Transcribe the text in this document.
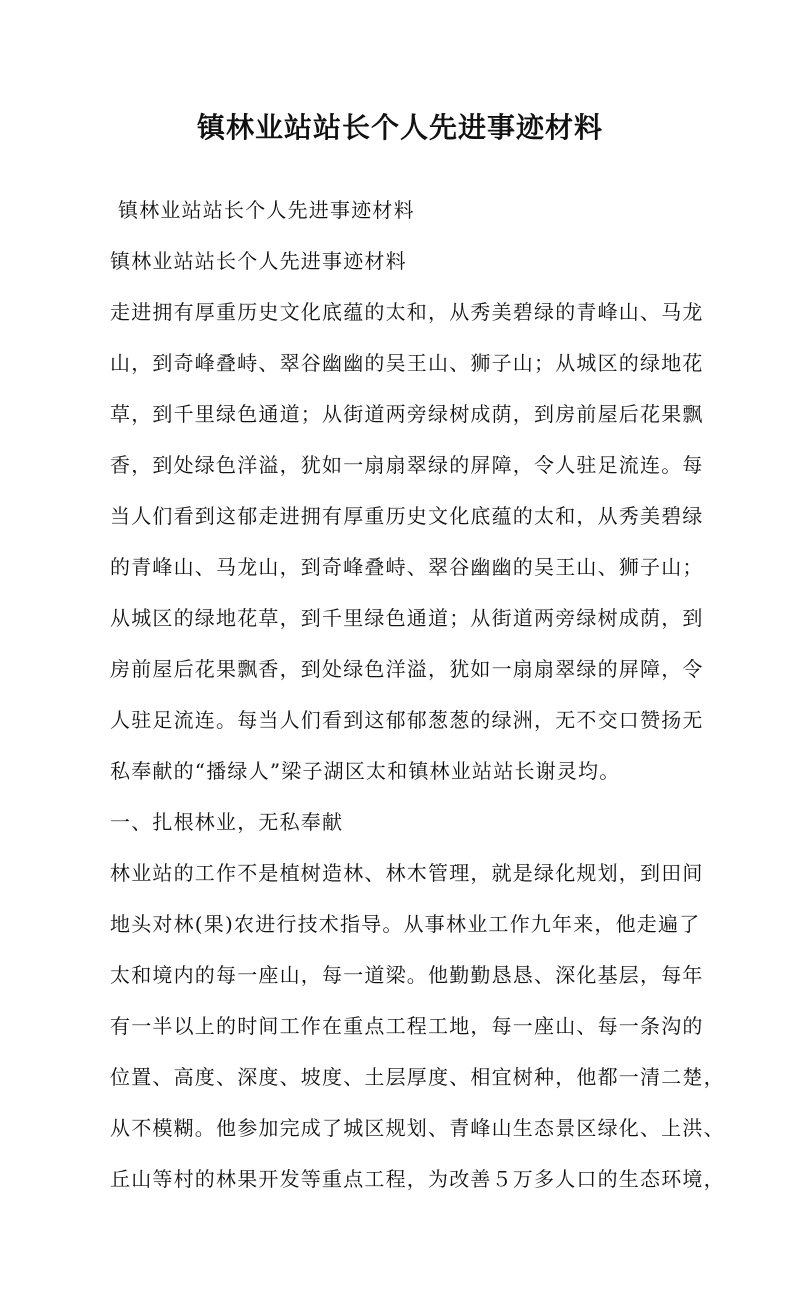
镇林业站站长个人先进事迹材料
镇林业站站长个人先进事迹材料
镇林业站站长个人先进事迹材料
走进拥有厚重历史文化底蕴的太和，从秀美碧绿的青峰山、马龙
山，到奇峰叠峙、翠谷幽幽的吴王山、狮子山；从城区的绿地花
草，到千里绿色通道；从街道两旁绿树成荫，到房前屋后花果飘
香，到处绿色洋溢，犹如一扇扇翠绿的屏障，令人驻足流连。每
当人们看到这郁走进拥有厚重历史文化底蕴的太和，从秀美碧绿
的青峰山、马龙山，到奇峰叠峙、翠谷幽幽的吴王山、狮子山；
从城区的绿地花草，到千里绿色通道；从街道两旁绿树成荫，到
房前屋后花果飘香，到处绿色洋溢，犹如一扇扇翠绿的屏障，令
人驻足流连。每当人们看到这郁郁葱葱的绿洲，无不交口赞扬无
私奉献的“播绿人”梁子湖区太和镇林业站站长谢灵均。
一、扎根林业，无私奉献
林业站的工作不是植树造林、林木管理，就是绿化规划，到田间
地头对林(果)农进行技术指导。从事林业工作九年来，他走遍了
太和境内的每一座山，每一道梁。他勤勤恳恳、深化基层，每年
有一半以上的时间工作在重点工程工地，每一座山、每一条沟的
位置、高度、深度、坡度、土层厚度、相宜树种，他都一清二楚，
从不模糊。他参加完成了城区规划、青峰山生态景区绿化、上洪、
丘山等村的林果开发等重点工程，为改善５万多人口的生态环境，
